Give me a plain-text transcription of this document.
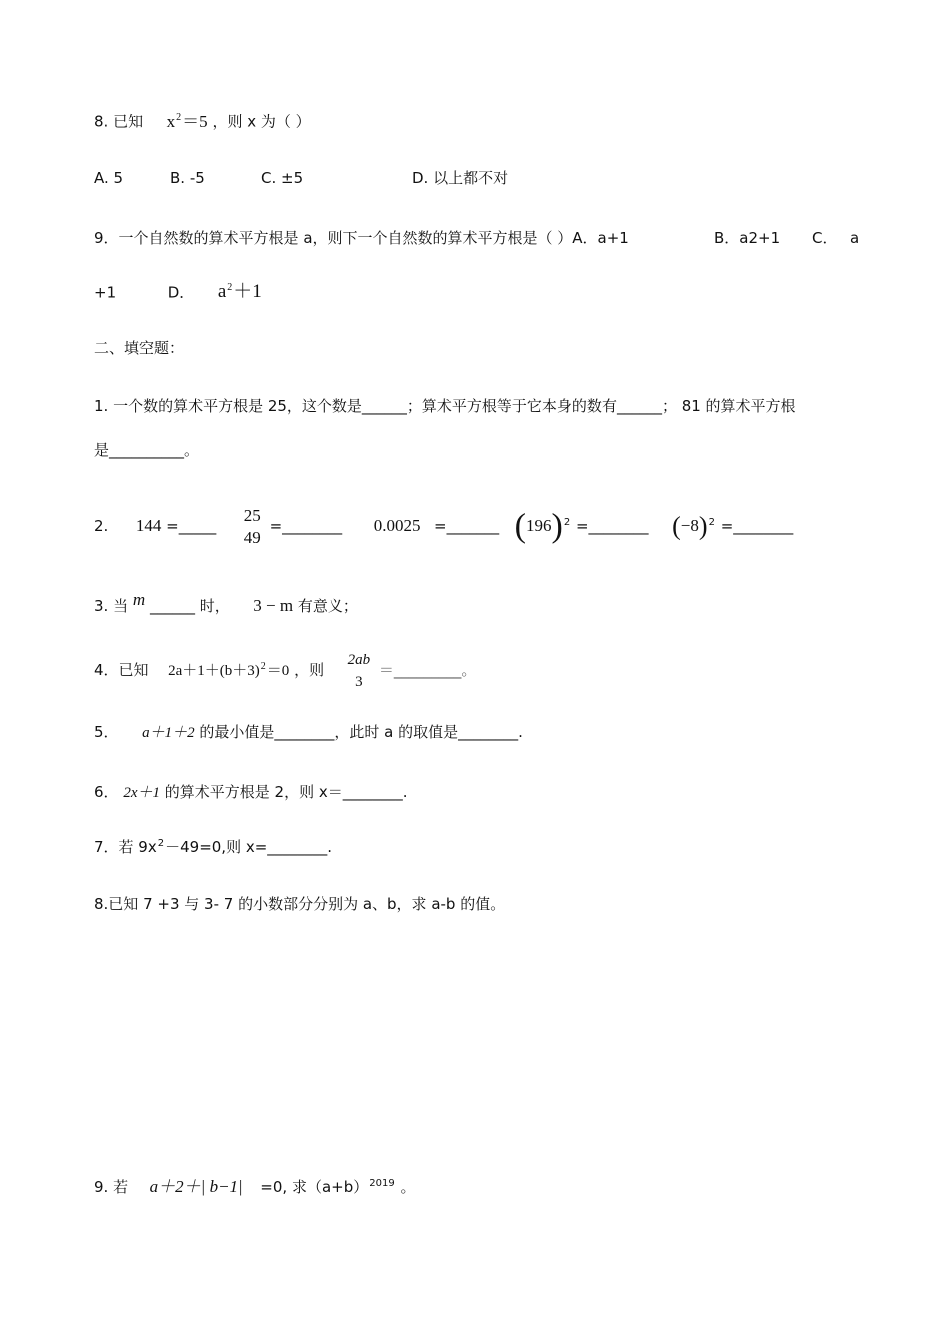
8. 已知 $x^2=5$ ，则 x 为（ ）
A. 5	B. -5	C. ±5	D. 以上都不对
9．一个自然数的算术平方根是 a，则下一个自然数的算术平方根是（ ）A．a+1	B．a2+1 C． a
+1	D． $a^2+1$
二、填空题：
1. 一个数的算术平方根是 25，这个数是______；算术平方根等于它本身的数有______； 81 的算术平方根
是__________。
2. 144 =_____
25
49
=________ 0.0025 =_______ $(196)^2$ =________ $(-8)^2$ =________
3. 当 m ______ 时， 3 − m 有意义；
4．已知 $2a+1+(b+3)^2=0$ ，则
2ab
3
＝_________。
5． a＋1＋2 的最小值是________，此时 a 的取值是________.
6． 2x＋1 的算术平方根是 2，则 x＝________.
7．若 $9x^2-49=0$,则 x=________.
8.已知 7 +3 与 3- 7 的小数部分分别为 a、b，求 a-b 的值。
9. 若 a＋2＋| b−1| =0, 求$(a+b)^{2019}$ 。
